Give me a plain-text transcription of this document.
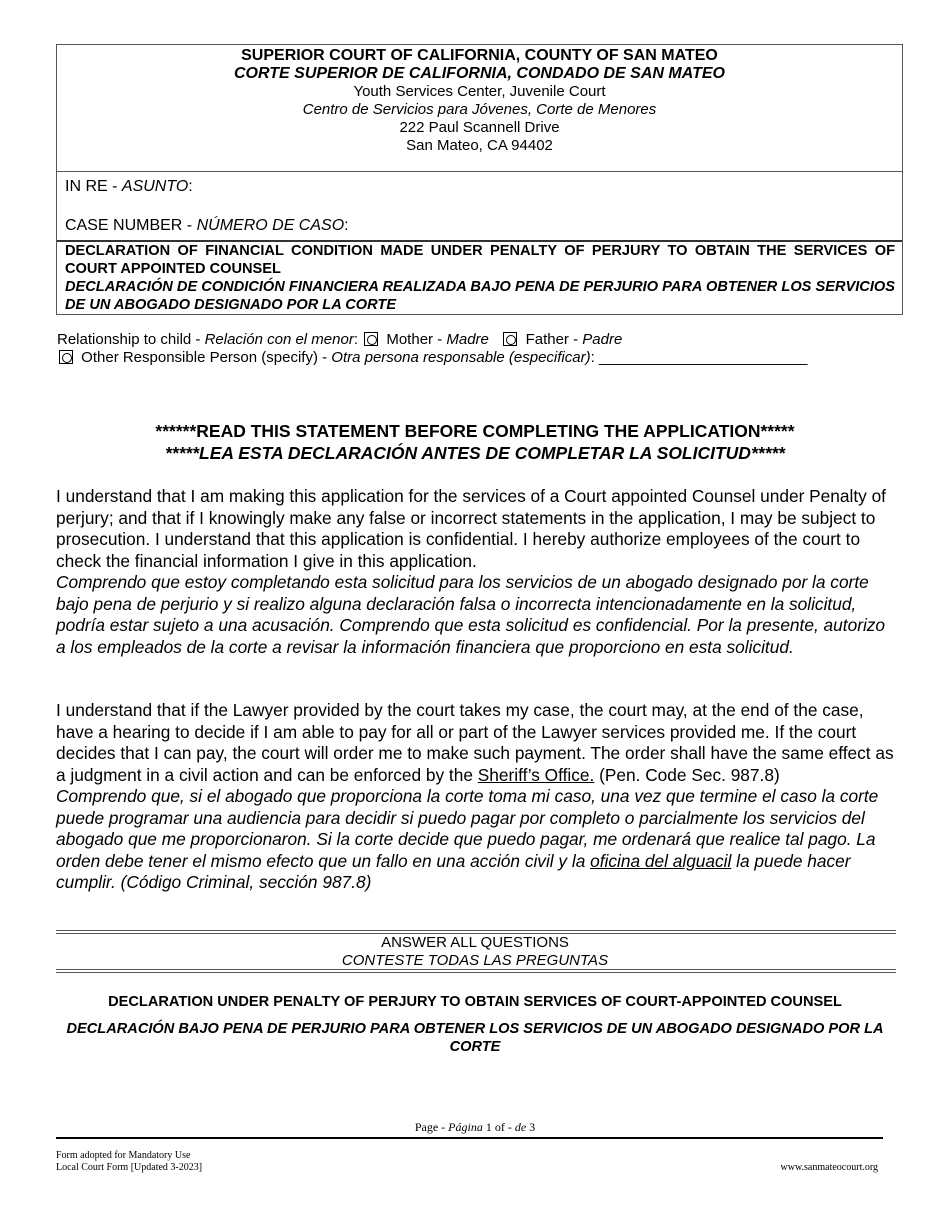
SUPERIOR COURT OF CALIFORNIA, COUNTY OF SAN MATEO
CORTE SUPERIOR DE CALIFORNIA, CONDADO DE SAN MATEO
Youth Services Center, Juvenile Court
Centro de Servicios para Jóvenes, Corte de Menores
222 Paul Scannell Drive
San Mateo, CA 94402
IN RE - ASUNTO:
CASE NUMBER - NÚMERO DE CASO:
DECLARATION OF FINANCIAL CONDITION MADE UNDER PENALTY OF PERJURY TO OBTAIN THE SERVICES OF COURT APPOINTED COUNSEL
DECLARACIÓN DE CONDICIÓN FINANCIERA REALIZADA BAJO PENA DE PERJURIO PARA OBTENER LOS SERVICIOS DE UN ABOGADO DESIGNADO POR LA CORTE
Relationship to child - Relación con el menor: Mother - Madre Father - Padre
Other Responsible Person (specify) - Otra persona responsable (especificar): _________________________
******READ THIS STATEMENT BEFORE COMPLETING THE APPLICATION*****
*****LEA ESTA DECLARACIÓN ANTES DE COMPLETAR LA SOLICITUD*****
I understand that I am making this application for the services of a Court appointed Counsel under Penalty of perjury; and that if I knowingly make any false or incorrect statements in the application, I may be subject to prosecution. I understand that this application is confidential. I hereby authorize employees of the court to check the financial information I give in this application.
Comprendo que estoy completando esta solicitud para los servicios de un abogado designado por la corte bajo pena de perjurio y si realizo alguna declaración falsa o incorrecta intencionadamente en la solicitud, podría estar sujeto a una acusación. Comprendo que esta solicitud es confidencial. Por la presente, autorizo a los empleados de la corte a revisar la información financiera que proporciono en esta solicitud.
I understand that if the Lawyer provided by the court takes my case, the court may, at the end of the case, have a hearing to decide if I am able to pay for all or part of the Lawyer services provided me. If the court decides that I can pay, the court will order me to make such payment. The order shall have the same effect as a judgment in a civil action and can be enforced by the Sheriff’s Office. (Pen. Code Sec. 987.8)
Comprendo que, si el abogado que proporciona la corte toma mi caso, una vez que termine el caso la corte puede programar una audiencia para decidir si puedo pagar por completo o parcialmente los servicios del abogado que me proporcionaron. Si la corte decide que puedo pagar, me ordenará que realice tal pago. La orden debe tener el mismo efecto que un fallo en una acción civil y la oficina del alguacil la puede hacer cumplir. (Código Criminal, sección 987.8)
ANSWER ALL QUESTIONS
CONTESTE TODAS LAS PREGUNTAS
DECLARATION UNDER PENALTY OF PERJURY TO OBTAIN SERVICES OF COURT-APPOINTED COUNSEL
DECLARACIÓN BAJO PENA DE PERJURIO PARA OBTENER LOS SERVICIOS DE UN ABOGADO DESIGNADO POR LA CORTE
Page - Página 1 of - de 3
Form adopted for Mandatory Use
Local Court Form [Updated 3-2023]	www.sanmateocourt.org
